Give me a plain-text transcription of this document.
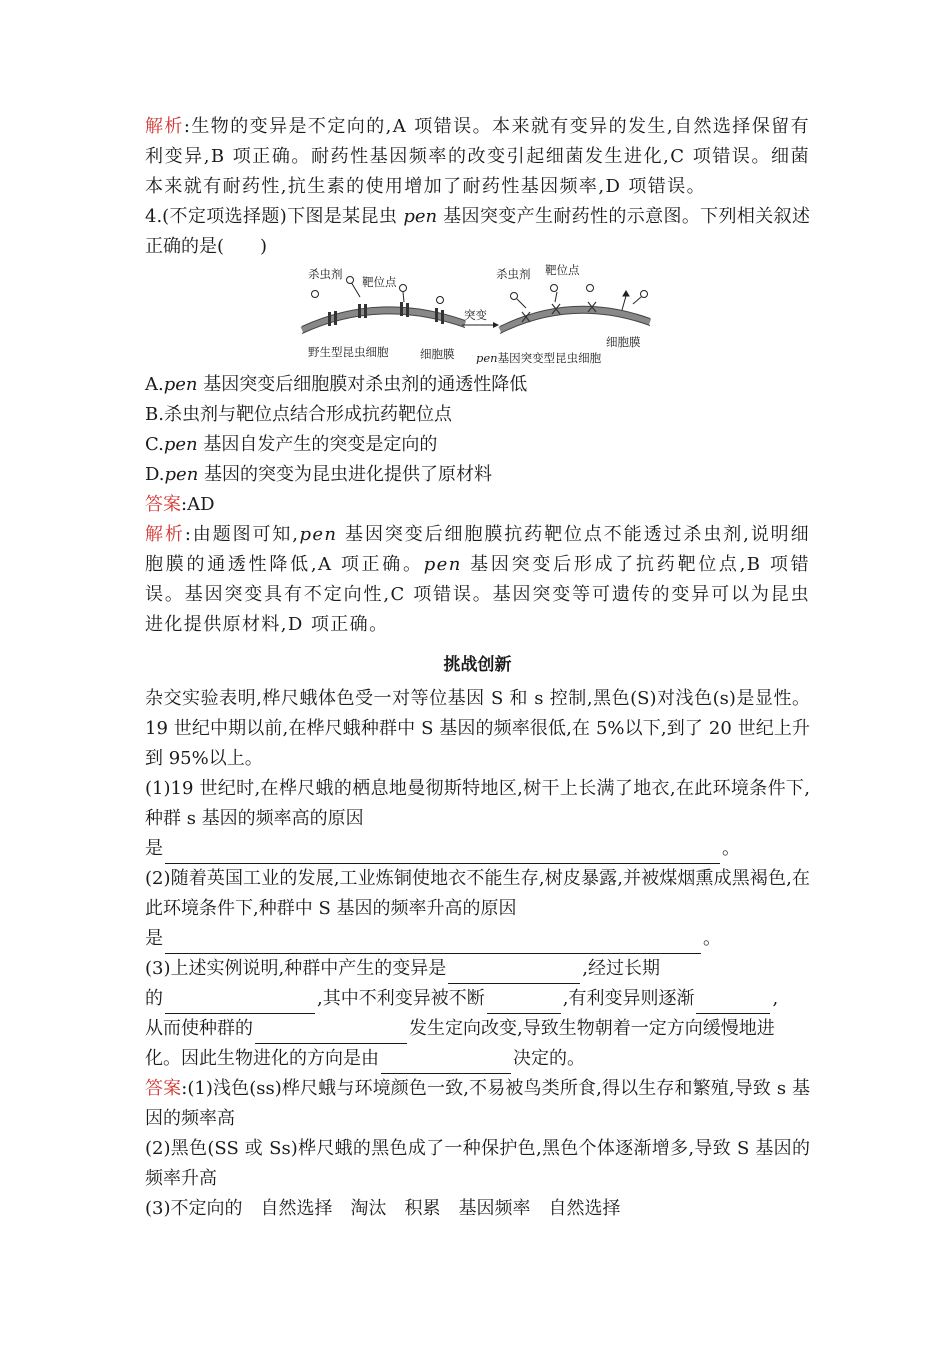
解析:生物的变异是不定向的,A 项错误。本来就有变异的发生,自然选择保留有利变异,B 项正确。耐药性基因频率的改变引起细菌发生进化,C 项错误。细菌本来就有耐药性,抗生素的使用增加了耐药性基因频率,D 项错误。

4.(不定项选择题)下图是某昆虫 pen 基因突变产生耐药性的示意图。下列相关叙述正确的是(　　)

杀虫剂
靶位点
野生型昆虫细胞	细胞膜
突变
杀虫剂 靶位点
细胞膜
pen基因突变型昆虫细胞

A.pen 基因突变后细胞膜对杀虫剂的通透性降低

B.杀虫剂与靶位点结合形成抗药靶位点

C.pen 基因自发产生的突变是定向的

D.pen 基因的突变为昆虫进化提供了原材料

答案:AD

解析:由题图可知,pen 基因突变后细胞膜抗药靶位点不能透过杀虫剂,说明细胞膜的通透性降低,A 项正确。pen 基因突变后形成了抗药靶位点,B 项错误。基因突变具有不定向性,C 项错误。基因突变等可遗传的变异可以为昆虫进化提供原材料,D 项正确。

挑战创新

杂交实验表明,桦尺蛾体色受一对等位基因 S 和 s 控制,黑色(S)对浅色(s)是显性。19 世纪中期以前,在桦尺蛾种群中 S 基因的频率很低,在 5%以下,到了 20 世纪上升到 95%以上。

(1)19 世纪时,在桦尺蛾的栖息地曼彻斯特地区,树干上长满了地衣,在此环境条件下,种群 s 基因的频率高的原因

是	。

(2)随着英国工业的发展,工业炼铜使地衣不能生存,树皮暴露,并被煤烟熏成黑褐色,在此环境条件下,种群中 S 基因的频率升高的原因

是	。

(3)上述实例说明,种群中产生的变异是	,经过长期

的	,其中不利变异被不断	,有利变异则逐渐	,

从而使种群的	发生定向改变,导致生物朝着一定方向缓慢地进

化。因此生物进化的方向是由	决定的。

答案:(1)浅色(ss)桦尺蛾与环境颜色一致,不易被鸟类所食,得以生存和繁殖,导致 s 基因的频率高

(2)黑色(SS 或 Ss)桦尺蛾的黑色成了一种保护色,黑色个体逐渐增多,导致 S 基因的频率升高

(3)不定向的　自然选择　淘汰　积累　基因频率　自然选择
